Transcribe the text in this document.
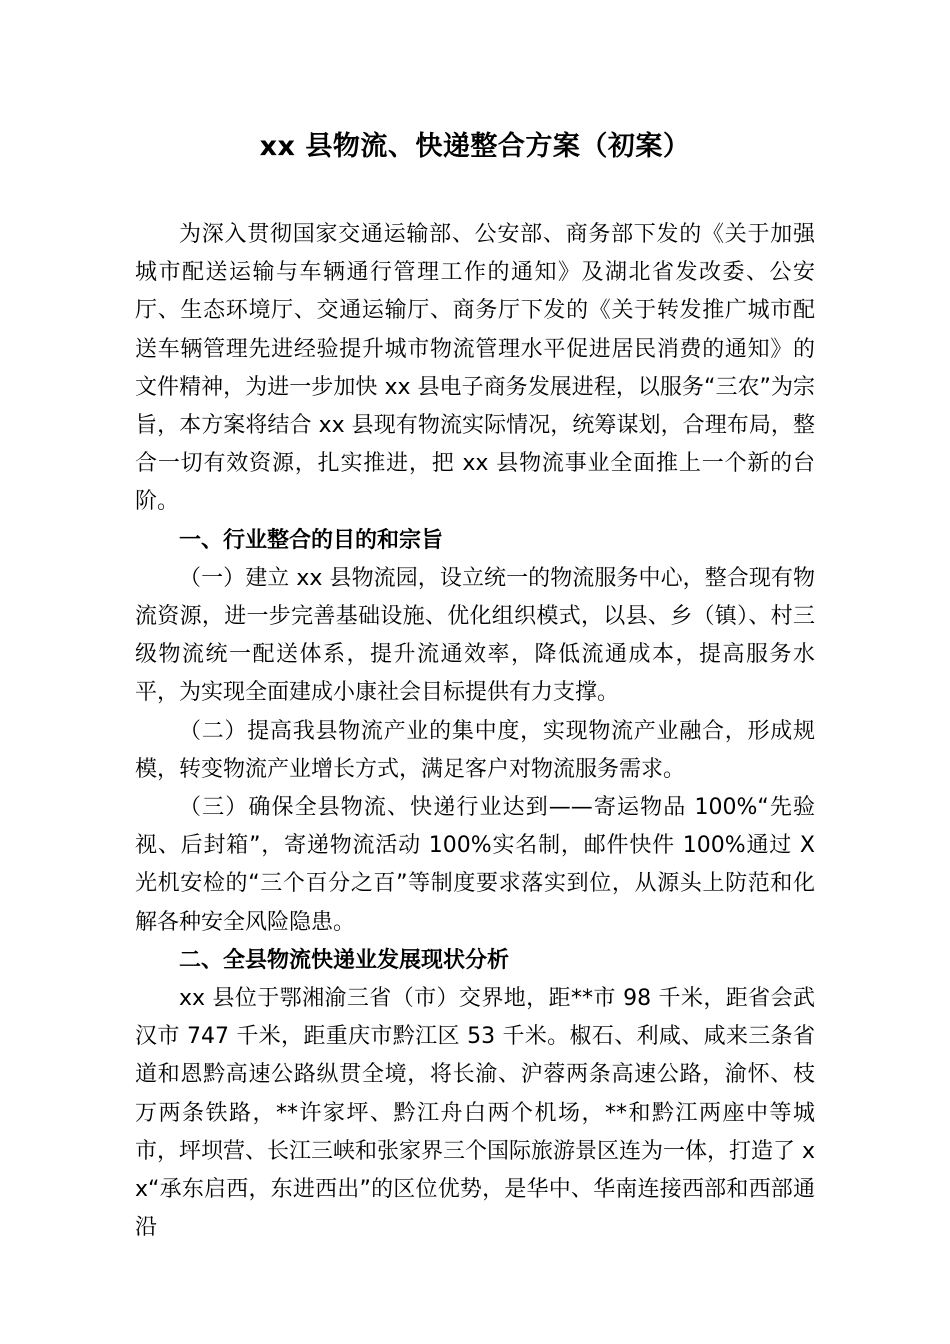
xx 县物流、快递整合方案（初案）

为深入贯彻国家交通运输部、公安部、商务部下发的《关于加强城市配送运输与车辆通行管理工作的通知》及湖北省发改委、公安厅、生态环境厅、交通运输厅、商务厅下发的《关于转发推广城市配送车辆管理先进经验提升城市物流管理水平促进居民消费的通知》的文件精神，为进一步加快 xx 县电子商务发展进程，以服务“三农”为宗旨，本方案将结合 xx 县现有物流实际情况，统筹谋划，合理布局，整合一切有效资源，扎实推进，把 xx 县物流事业全面推上一个新的台阶。

一、行业整合的目的和宗旨

（一）建立 xx 县物流园，设立统一的物流服务中心，整合现有物流资源，进一步完善基础设施、优化组织模式，以县、乡（镇）、村三级物流统一配送体系，提升流通效率，降低流通成本，提高服务水平，为实现全面建成小康社会目标提供有力支撑。

（二）提高我县物流产业的集中度，实现物流产业融合，形成规模，转变物流产业增长方式，满足客户对物流服务需求。

（三）确保全县物流、快递行业达到——寄运物品 100%“先验视、后封箱”，寄递物流活动 100%实名制，邮件快件 100%通过 X 光机安检的“三个百分之百”等制度要求落实到位，从源头上防范和化解各种安全风险隐患。

二、全县物流快递业发展现状分析

xx 县位于鄂湘渝三省（市）交界地，距**市 98 千米，距省会武汉市 747 千米，距重庆市黔江区 53 千米。椒石、利咸、咸来三条省道和恩黔高速公路纵贯全境，将长渝、沪蓉两条高速公路，渝怀、枝万两条铁路，**许家坪、黔江舟白两个机场，**和黔江两座中等城市，坪坝营、长江三峡和张家界三个国际旅游景区连为一体，打造了 xx“承东启西，东进西出”的区位优势，是华中、华南连接西部和西部通沿
